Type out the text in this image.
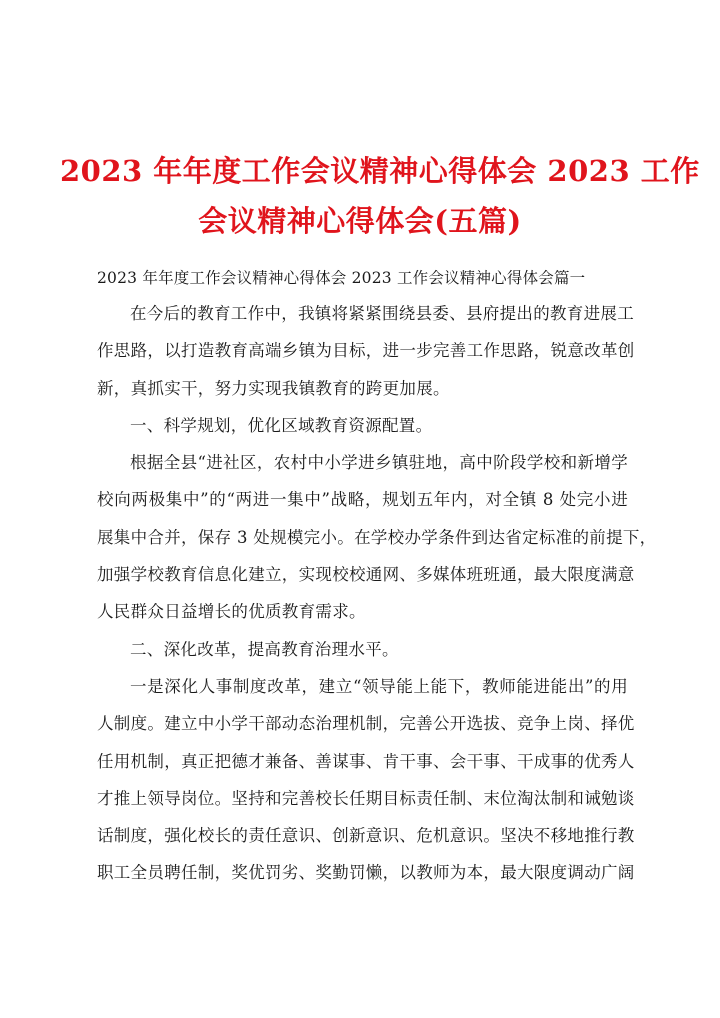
2023 年年度工作会议精神心得体会 2023 工作
会议精神心得体会(五篇)
2023 年年度工作会议精神心得体会 2023 工作会议精神心得体会篇一
在今后的教育工作中，我镇将紧紧围绕县委、县府提出的教育进展工
作思路，以打造教育高端乡镇为目标，进一步完善工作思路，锐意改革创
新，真抓实干，努力实现我镇教育的跨更加展。
一、科学规划，优化区域教育资源配置。
根据全县“进社区，农村中小学进乡镇驻地，高中阶段学校和新增学
校向两极集中”的“两进一集中”战略，规划五年内，对全镇 8 处完小进
展集中合并，保存 3 处规模完小。在学校办学条件到达省定标准的前提下，
加强学校教育信息化建立，实现校校通网、多媒体班班通，最大限度满意
人民群众日益增长的优质教育需求。
二、深化改革，提高教育治理水平。
一是深化人事制度改革，建立“领导能上能下，教师能进能出”的用
人制度。建立中小学干部动态治理机制，完善公开选拔、竞争上岗、择优
任用机制，真正把德才兼备、善谋事、肯干事、会干事、干成事的优秀人
才推上领导岗位。坚持和完善校长任期目标责任制、末位淘汰制和诫勉谈
话制度，强化校长的责任意识、创新意识、危机意识。坚决不移地推行教
职工全员聘任制，奖优罚劣、奖勤罚懒，以教师为本，最大限度调动广阔
